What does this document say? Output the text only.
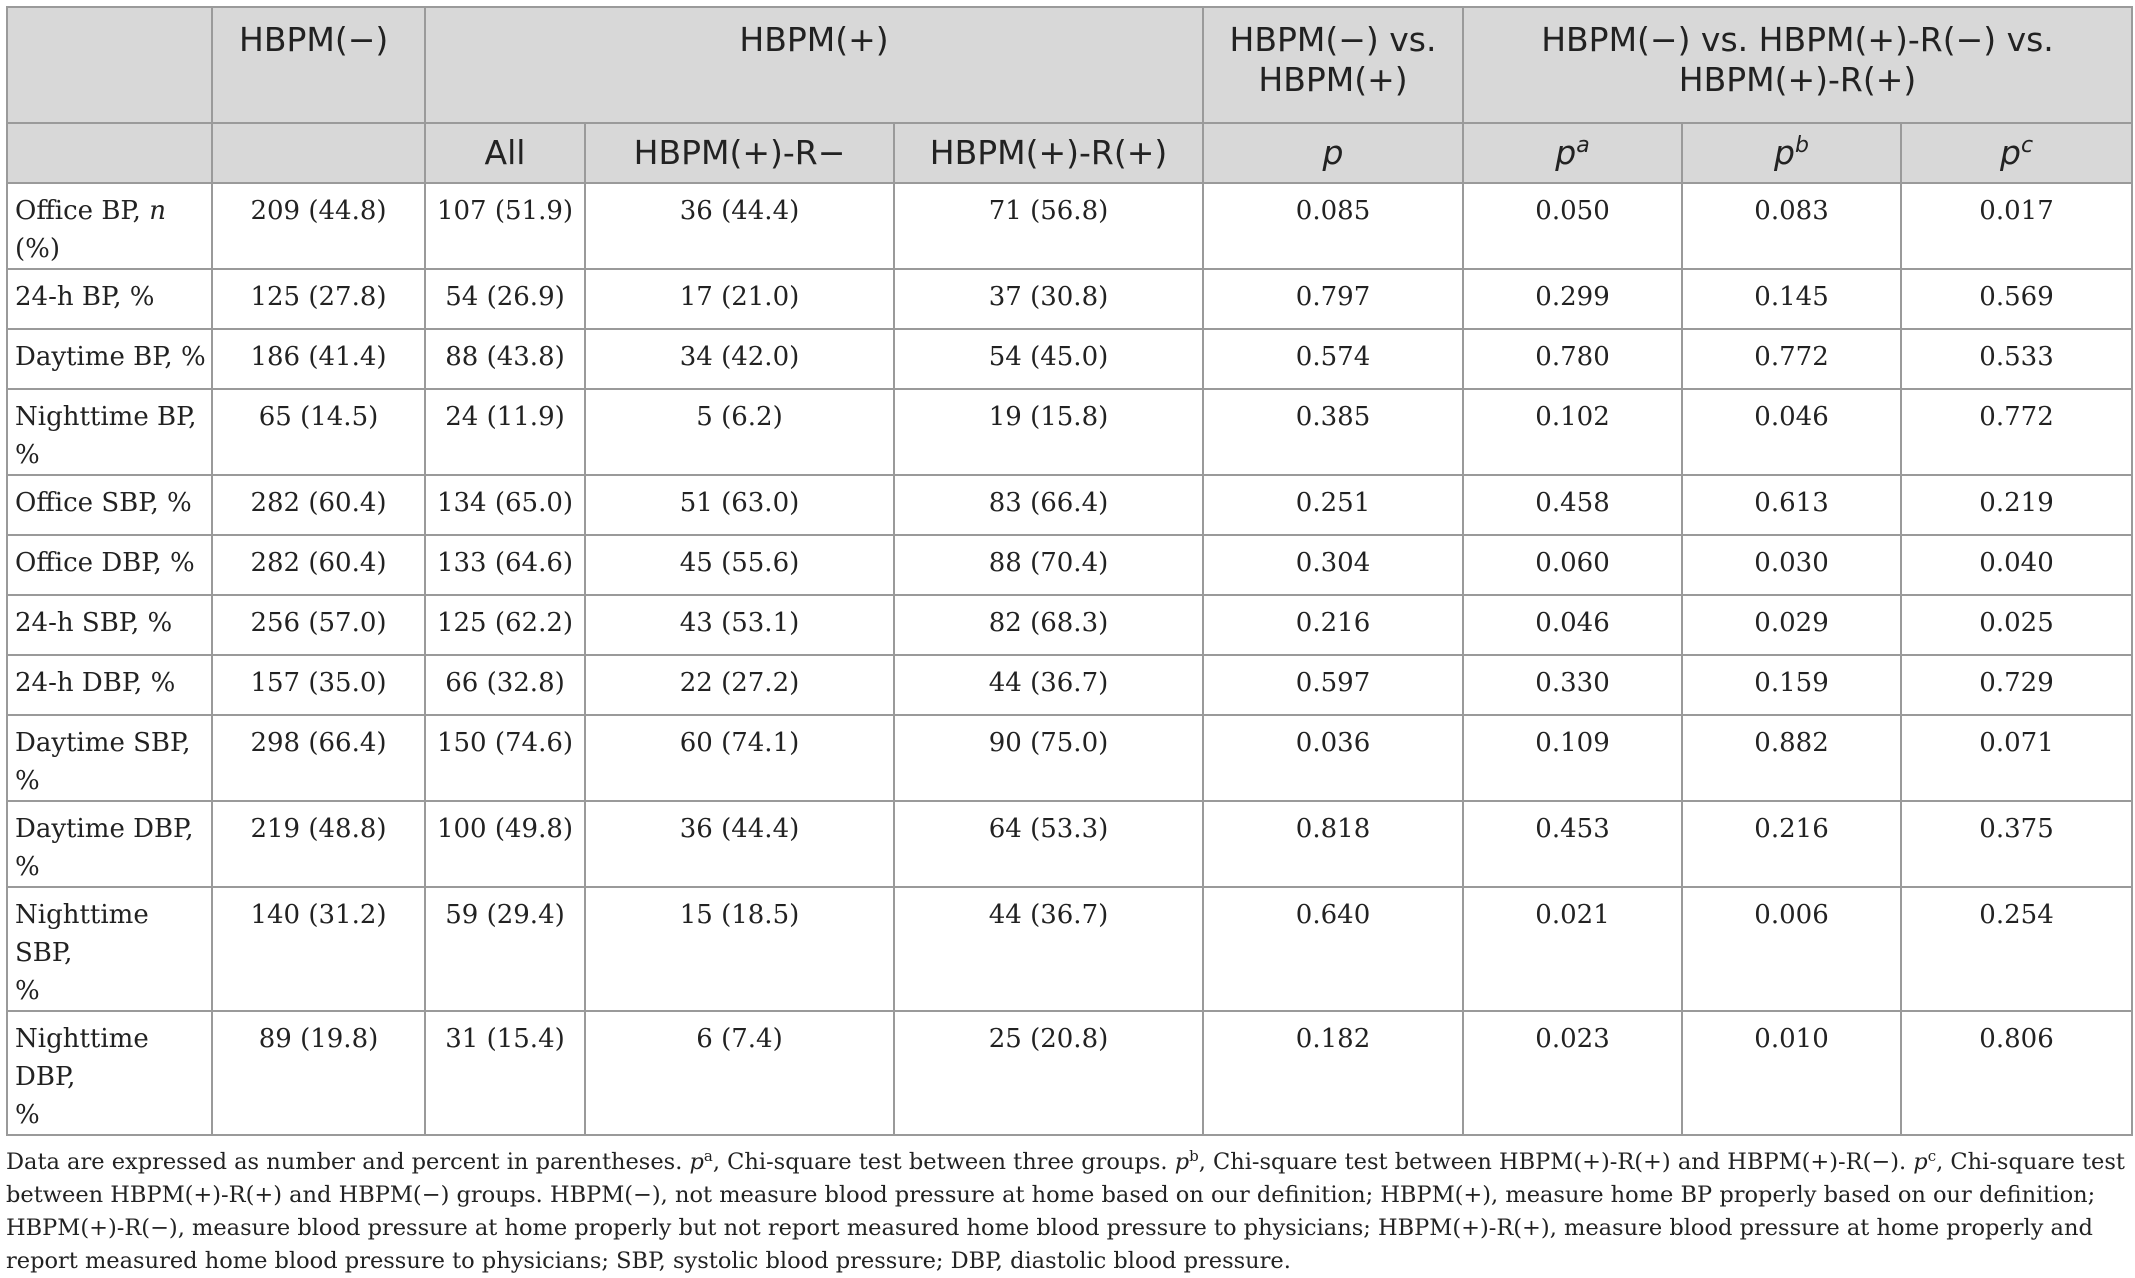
	HBPM(−)	HBPM(+)			HBPM(−) vs. HBPM(+)	HBPM(−) vs. HBPM(+)-R(−) vs. HBPM(+)-R(+)		
		All	HBPM(+)-R−	HBPM(+)-R(+)	p	$p^a$	$p^b$	$p^c$
Office BP, n (%)	209 (44.8)	107 (51.9)	36 (44.4)	71 (56.8)	0.085	0.050	0.083	0.017
24-h BP, %	125 (27.8)	54 (26.9)	17 (21.0)	37 (30.8)	0.797	0.299	0.145	0.569
Daytime BP, %	186 (41.4)	88 (43.8)	34 (42.0)	54 (45.0)	0.574	0.780	0.772	0.533
Nighttime BP, %	65 (14.5)	24 (11.9)	5 (6.2)	19 (15.8)	0.385	0.102	0.046	0.772
Office SBP, %	282 (60.4)	134 (65.0)	51 (63.0)	83 (66.4)	0.251	0.458	0.613	0.219
Office DBP, %	282 (60.4)	133 (64.6)	45 (55.6)	88 (70.4)	0.304	0.060	0.030	0.040
24-h SBP, %	256 (57.0)	125 (62.2)	43 (53.1)	82 (68.3)	0.216	0.046	0.029	0.025
24-h DBP, %	157 (35.0)	66 (32.8)	22 (27.2)	44 (36.7)	0.597	0.330	0.159	0.729
Daytime SBP, %	298 (66.4)	150 (74.6)	60 (74.1)	90 (75.0)	0.036	0.109	0.882	0.071
Daytime DBP, %	219 (48.8)	100 (49.8)	36 (44.4)	64 (53.3)	0.818	0.453	0.216	0.375
Nighttime SBP,
%	140 (31.2)	59 (29.4)	15 (18.5)	44 (36.7)	0.640	0.021	0.006	0.254
Nighttime DBP,
%	89 (19.8)	31 (15.4)	6 (7.4)	25 (20.8)	0.182	0.023	0.010	0.806
Data are expressed as number and percent in parentheses. $p^a$, Chi-square test between three groups. $p^b$, Chi-square test between HBPM(+)-R(+) and HBPM(+)-R(−). $p^c$, Chi-square test between HBPM(+)-R(+) and HBPM(−) groups. HBPM(−), not measure blood pressure at home based on our definition; HBPM(+), measure home BP properly based on our definition; HBPM(+)-R(−), measure blood pressure at home properly but not report measured home blood pressure to physicians; HBPM(+)-R(+), measure blood pressure at home properly and report measured home blood pressure to physicians; SBP, systolic blood pressure; DBP, diastolic blood pressure.
